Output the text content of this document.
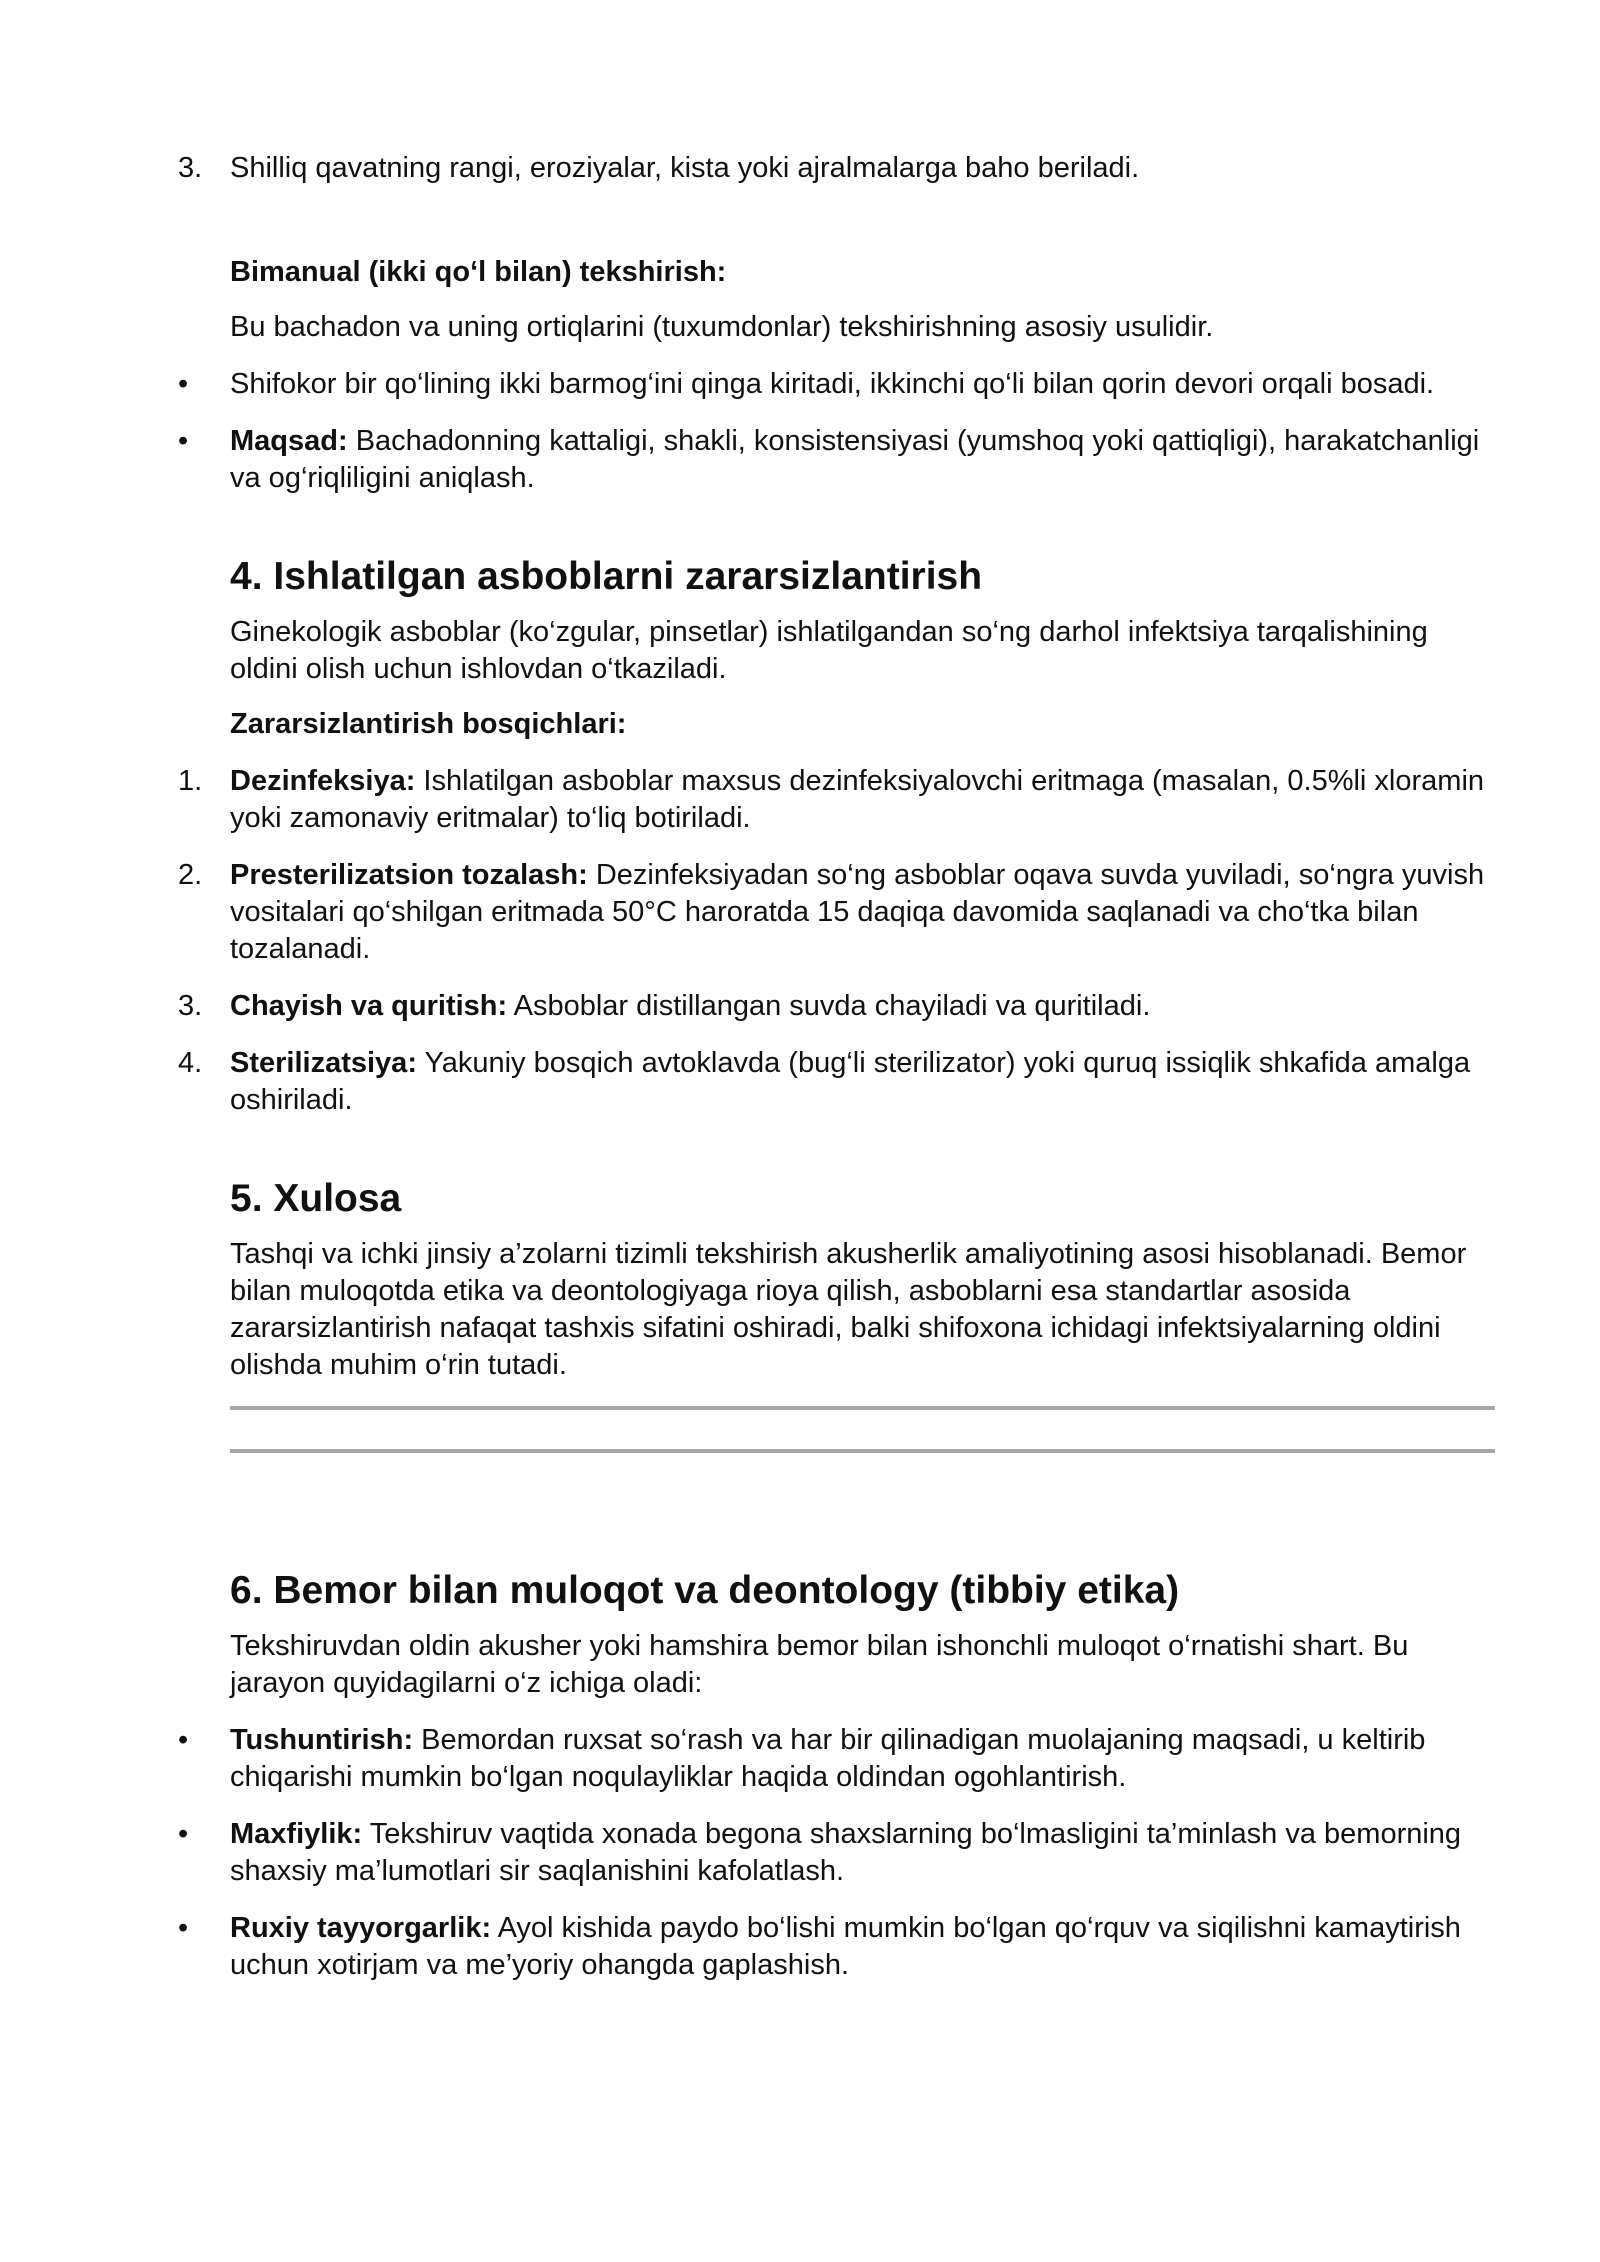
3. Shilliq qavatning rangi, eroziyalar, kista yoki ajralmalarga baho beriladi.

Bimanual (ikki qo‘l bilan) tekshirish:

Bu bachadon va uning ortiqlarini (tuxumdonlar) tekshirishning asosiy usulidir.

•

Shifokor bir qo‘lining ikki barmog‘ini qinga kiritadi, ikkinchi qo‘li bilan qorin devori orqali bosadi.

•

Maqsad: Bachadonning kattaligi, shakli, konsistensiyasi (yumshoq yoki qattiqligi), harakatchanligi va og‘riqliligini aniqlash.

4. Ishlatilgan asboblarni zararsizlantirish

Ginekologik asboblar (ko‘zgular, pinsetlar) ishlatilgandan so‘ng darhol infektsiya tarqalishining oldini olish uchun ishlovdan o‘tkaziladi.

Zararsizlantirish bosqichlari:

1. Dezinfeksiya: Ishlatilgan asboblar maxsus dezinfeksiyalovchi eritmaga (masalan, 0.5%li xloramin yoki zamonaviy eritmalar) to‘liq botiriladi.

2. Presterilizatsion tozalash: Dezinfeksiyadan so‘ng asboblar oqava suvda yuviladi, so‘ngra yuvish vositalari qo‘shilgan eritmada 50°C haroratda 15 daqiqa davomida saqlanadi va cho‘tka bilan tozalanadi.

3. Chayish va quritish: Asboblar distillangan suvda chayiladi va quritiladi.

4. Sterilizatsiya: Yakuniy bosqich avtoklavda (bug‘li sterilizator) yoki quruq issiqlik shkafida amalga oshiriladi.

5. Xulosa

Tashqi va ichki jinsiy a’zolarni tizimli tekshirish akusherlik amaliyotining asosi hisoblanadi. Bemor bilan muloqotda etika va deontologiyaga rioya qilish, asboblarni esa standartlar asosida zararsizlantirish nafaqat tashxis sifatini oshiradi, balki shifoxona ichidagi infektsiyalarning oldini olishda muhim o‘rin tutadi.

6. Bemor bilan muloqot va deontology (tibbiy etika)

Tekshiruvdan oldin akusher yoki hamshira bemor bilan ishonchli muloqot o‘rnatishi shart. Bu jarayon quyidagilarni o‘z ichiga oladi:

•

Tushuntirish: Bemordan ruxsat so‘rash va har bir qilinadigan muolajaning maqsadi, u keltirib chiqarishi mumkin bo‘lgan noqulayliklar haqida oldindan ogohlantirish.

•

Maxfiylik: Tekshiruv vaqtida xonada begona shaxslarning bo‘lmasligini ta’minlash va bemorning shaxsiy ma’lumotlari sir saqlanishini kafolatlash.

•

Ruxiy tayyorgarlik: Ayol kishida paydo bo‘lishi mumkin bo‘lgan qo‘rquv va siqilishni kamaytirish uchun xotirjam va me’yoriy ohangda gaplashish.
